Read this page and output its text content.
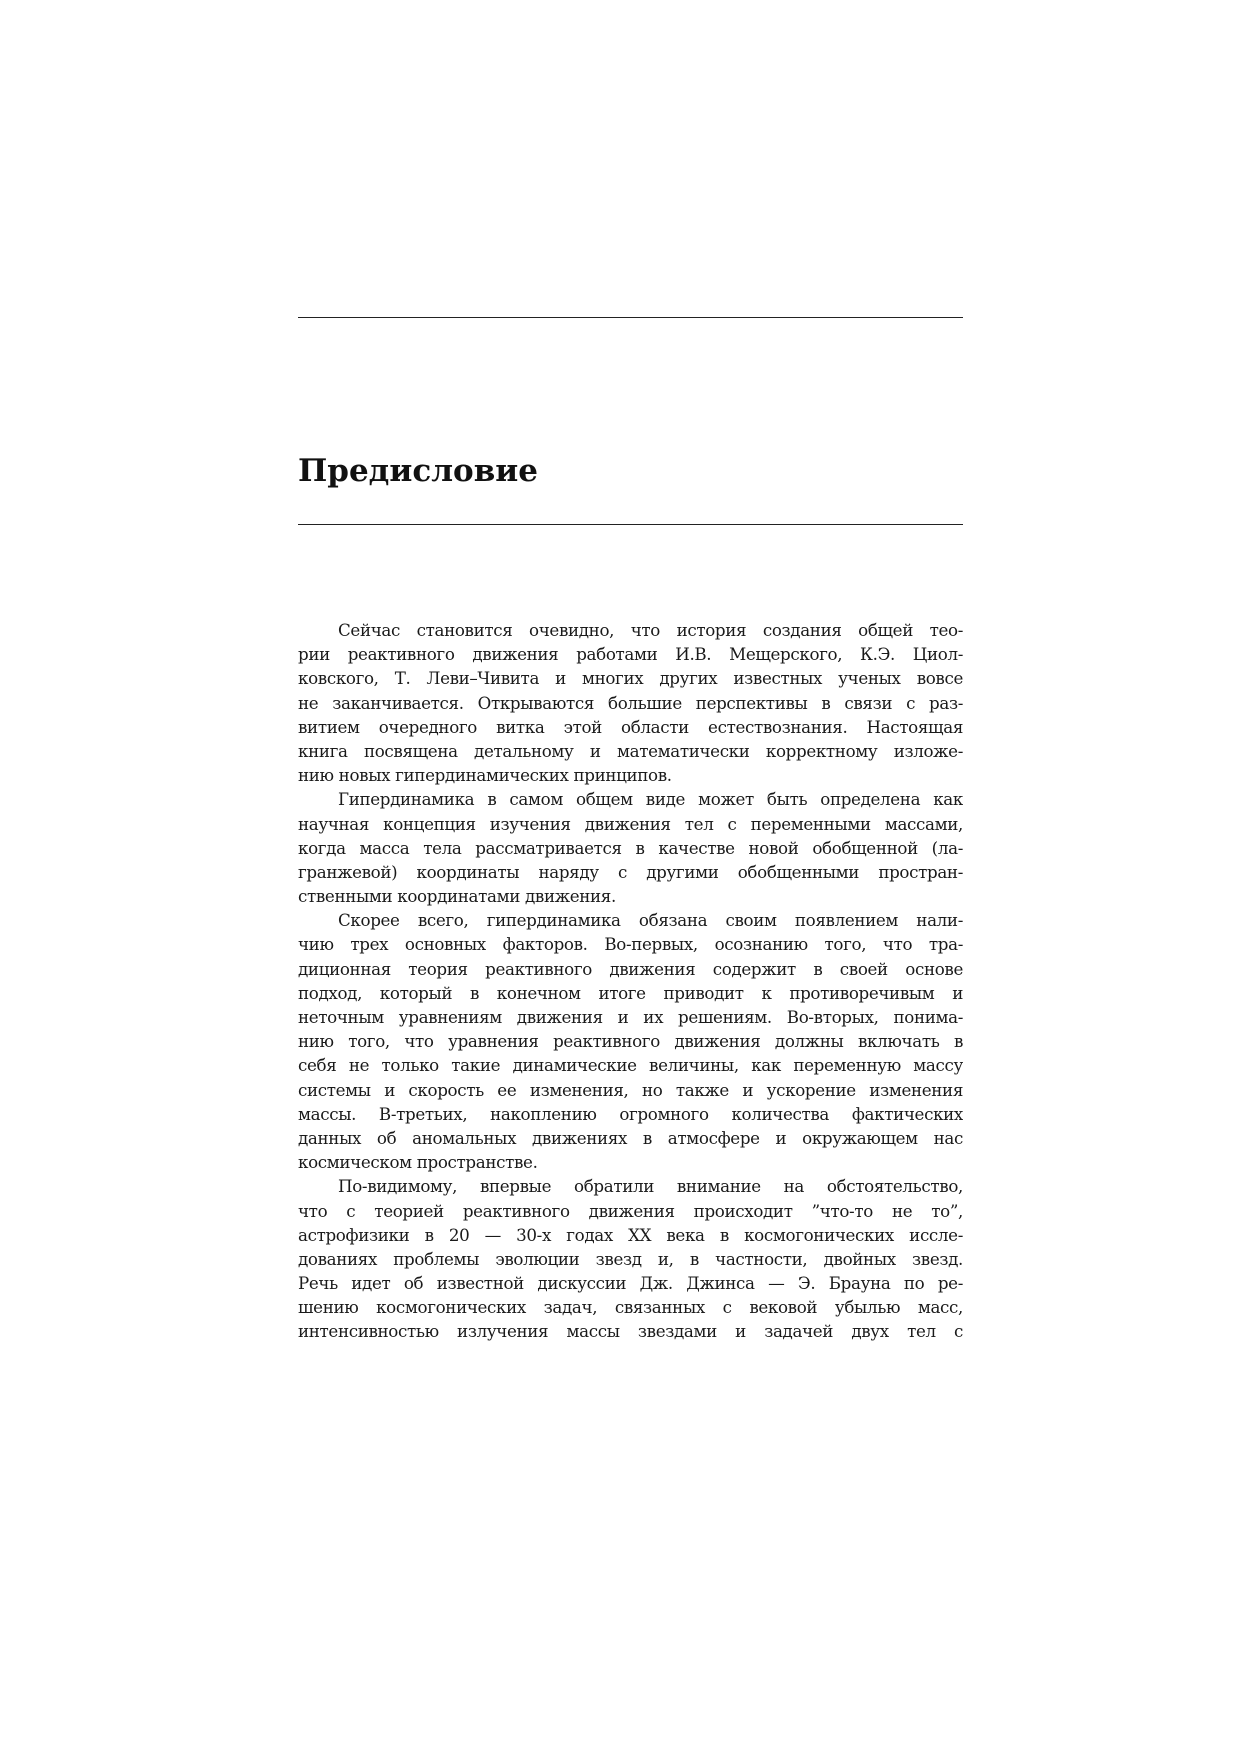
Предисловие
Сейчас становится очевидно, что история создания общей тео-
рии реактивного движения работами И.В. Мещерского, К.Э. Циол-
ковского, Т. Леви–Чивита и многих других известных ученых вовсе
не заканчивается. Открываются большие перспективы в связи с раз-
витием очередного витка этой области естествознания. Настоящая
книга посвящена детальному и математически корректному изложе-
нию новых гипердинамических принципов.
Гипердинамика в самом общем виде может быть определена как
научная концепция изучения движения тел с переменными массами,
когда масса тела рассматривается в качестве новой обобщенной (ла-
гранжевой) координаты наряду с другими обобщенными простран-
ственными координатами движения.
Скорее всего, гипердинамика обязана своим появлением нали-
чию трех основных факторов. Во-первых, осознанию того, что тра-
диционная теория реактивного движения содержит в своей основе
подход, который в конечном итоге приводит к противоречивым и
неточным уравнениям движения и их решениям. Во-вторых, понима-
нию того, что уравнения реактивного движения должны включать в
себя не только такие динамические величины, как переменную массу
системы и скорость ее изменения, но также и ускорение изменения
массы. В-третьих, накоплению огромного количества фактических
данных об аномальных движениях в атмосфере и окружающем нас
космическом пространстве.
По-видимому, впервые обратили внимание на обстоятельство,
что с теорией реактивного движения происходит ”что-то не то”,
астрофизики в 20 — 30-х годах XX века в космогонических иссле-
дованиях проблемы эволюции звезд и, в частности, двойных звезд.
Речь идет об известной дискуссии Дж. Джинса — Э. Брауна по ре-
шению космогонических задач, связанных с вековой убылью масс,
интенсивностью излучения массы звездами и задачей двух тел с
